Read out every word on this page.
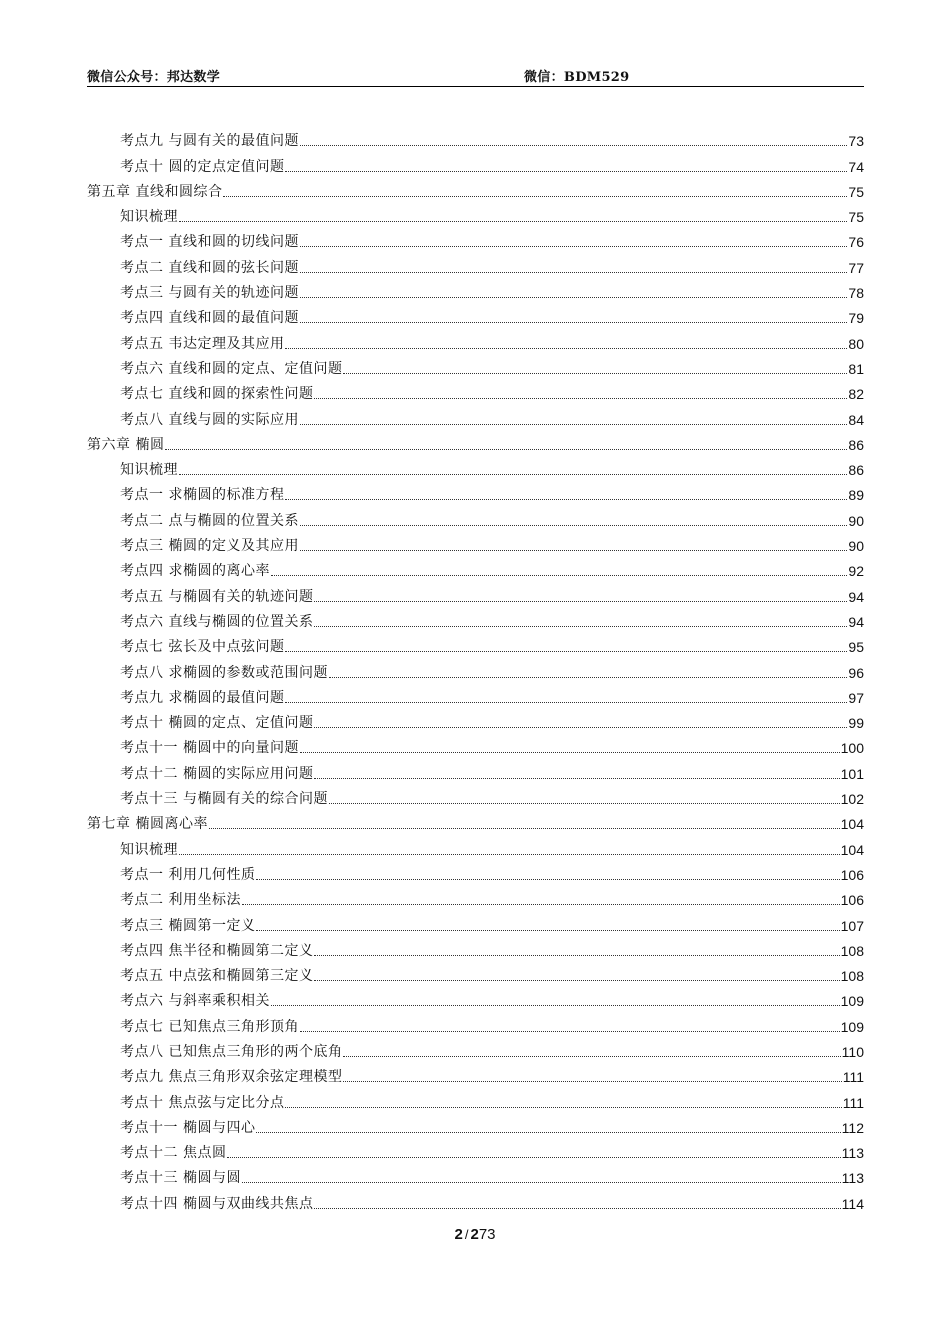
微信公众号：邦达数学	微信：BDM529
考点九 与圆有关的最值问题	73
考点十 圆的定点定值问题	74
第五章 直线和圆综合	75
知识梳理	75
考点一 直线和圆的切线问题	76
考点二 直线和圆的弦长问题	77
考点三 与圆有关的轨迹问题	78
考点四 直线和圆的最值问题	79
考点五 韦达定理及其应用	80
考点六 直线和圆的定点、定值问题	81
考点七 直线和圆的探索性问题	82
考点八 直线与圆的实际应用	84
第六章 椭圆	86
知识梳理	86
考点一 求椭圆的标准方程	89
考点二 点与椭圆的位置关系	90
考点三 椭圆的定义及其应用	90
考点四 求椭圆的离心率	92
考点五 与椭圆有关的轨迹问题	94
考点六 直线与椭圆的位置关系	94
考点七 弦长及中点弦问题	95
考点八 求椭圆的参数或范围问题	96
考点九 求椭圆的最值问题	97
考点十 椭圆的定点、定值问题	99
考点十一 椭圆中的向量问题	100
考点十二 椭圆的实际应用问题	101
考点十三 与椭圆有关的综合问题	102
第七章 椭圆离心率	104
知识梳理	104
考点一 利用几何性质	106
考点二 利用坐标法	106
考点三 椭圆第一定义	107
考点四 焦半径和椭圆第二定义	108
考点五 中点弦和椭圆第三定义	108
考点六 与斜率乘积相关	109
考点七 已知焦点三角形顶角	109
考点八 已知焦点三角形的两个底角	110
考点九 焦点三角形双余弦定理模型	111
考点十 焦点弦与定比分点	111
考点十一 椭圆与四心	112
考点十二 焦点圆	113
考点十三 椭圆与圆	113
考点十四 椭圆与双曲线共焦点	114
2 / 273
